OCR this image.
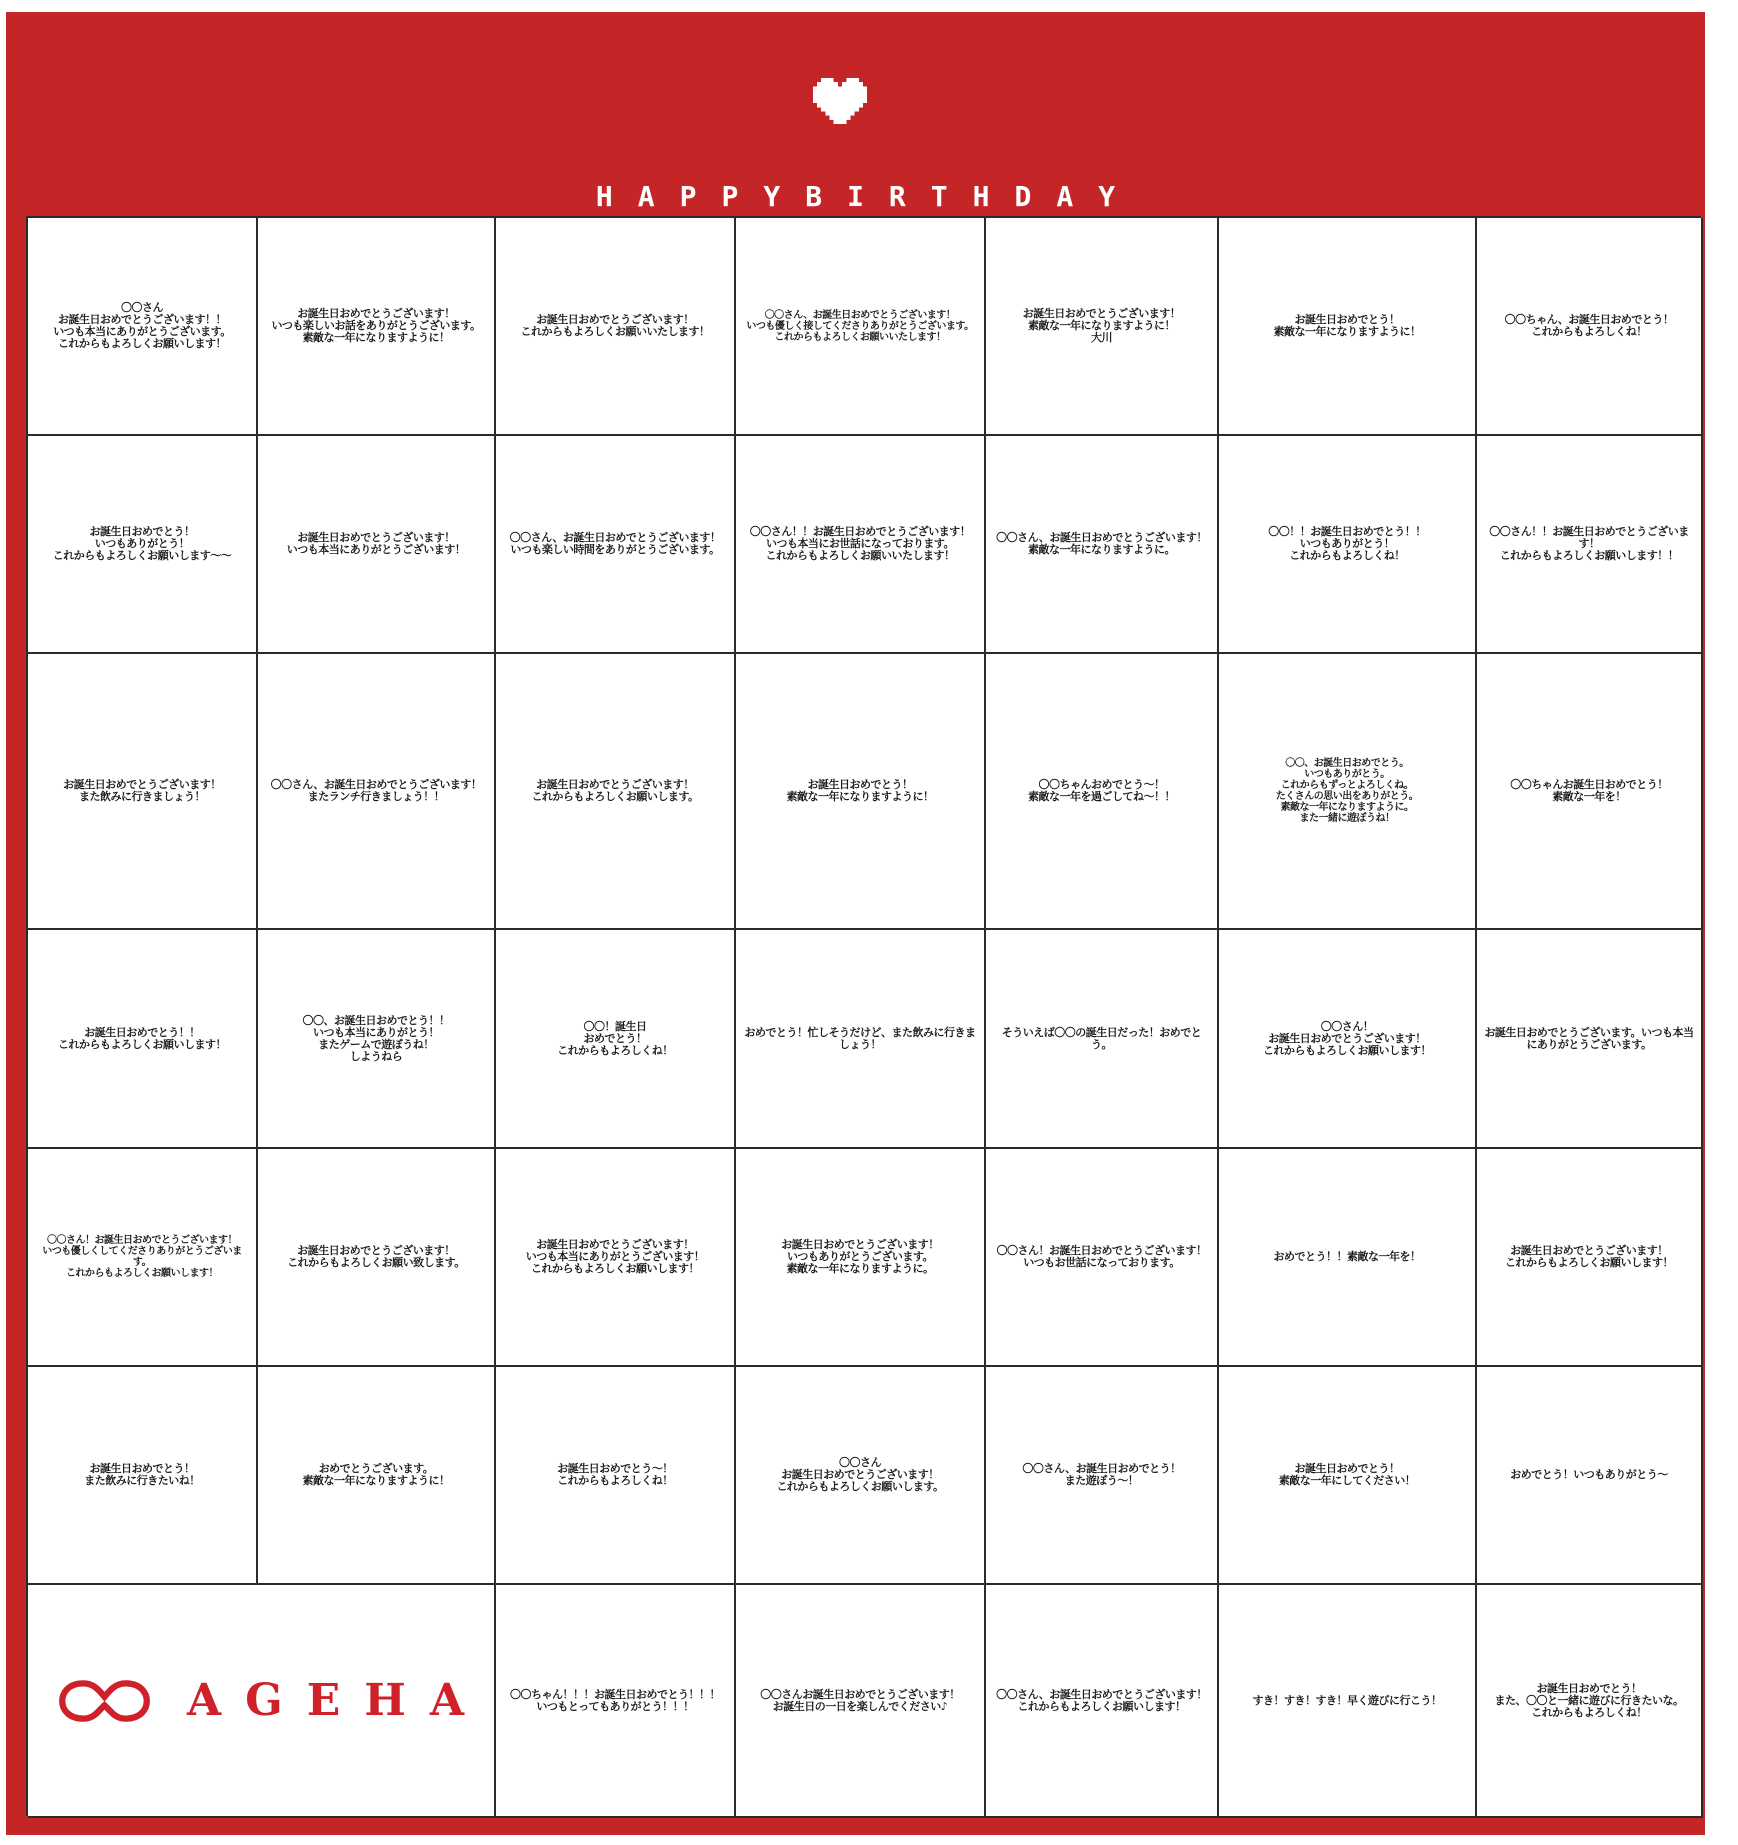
HAPPYBIRTHDAY
〇〇さん
お誕生日おめでとうございます！！
いつも本当にありがとうございます。
これからもよろしくお願いします！
お誕生日おめでとうございます！
いつも楽しいお話をありがとうございます。
素敵な一年になりますように！
お誕生日おめでとうございます！
これからもよろしくお願いいたします！
〇〇さん、お誕生日おめでとうございます！
いつも優しく接してくださりありがとうございます。
これからもよろしくお願いいたします！
お誕生日おめでとうございます！
素敵な一年になりますように！
大川
お誕生日おめでとう！
素敵な一年になりますように！
〇〇ちゃん、お誕生日おめでとう！
これからもよろしくね！
お誕生日おめでとう！
いつもありがとう！
これからもよろしくお願いします〜〜
お誕生日おめでとうございます！
いつも本当にありがとうございます！
〇〇さん、お誕生日おめでとうございます！
いつも楽しい時間をありがとうございます。
〇〇さん！！お誕生日おめでとうございます！
いつも本当にお世話になっております。
これからもよろしくお願いいたします！
〇〇さん、お誕生日おめでとうございます！
素敵な一年になりますように。
〇〇！！お誕生日おめでとう！！
いつもありがとう！
これからもよろしくね！
〇〇さん！！お誕生日おめでとうございます！
これからもよろしくお願いします！！
お誕生日おめでとうございます！
また飲みに行きましょう！
〇〇さん、お誕生日おめでとうございます！
またランチ行きましょう！！
お誕生日おめでとうございます！
これからもよろしくお願いします。
お誕生日おめでとう！
素敵な一年になりますように！
〇〇ちゃんおめでとう〜！
素敵な一年を過ごしてね〜！！
〇〇、お誕生日おめでとう。
いつもありがとう。
これからもずっとよろしくね。
たくさんの思い出をありがとう。
素敵な一年になりますように。
また一緒に遊ぼうね！
〇〇ちゃんお誕生日おめでとう！
素敵な一年を！
お誕生日おめでとう！！
これからもよろしくお願いします！
〇〇、お誕生日おめでとう！！
いつも本当にありがとう！
またゲームで遊ぼうね！
しようねら
〇〇！誕生日
おめでとう！
これからもよろしくね！
おめでとう！忙しそうだけど、また飲みに行きましょう！
そういえば〇〇の誕生日だった！おめでとう。
〇〇さん！
お誕生日おめでとうございます！
これからもよろしくお願いします！
お誕生日おめでとうございます。いつも本当にありがとうございます。
〇〇さん！お誕生日おめでとうございます！
いつも優しくしてくださりありがとうございます。
これからもよろしくお願いします！
お誕生日おめでとうございます！
これからもよろしくお願い致します。
お誕生日おめでとうございます！
いつも本当にありがとうございます！
これからもよろしくお願いします！
お誕生日おめでとうございます！
いつもありがとうございます。
素敵な一年になりますように。
〇〇さん！お誕生日おめでとうございます！
いつもお世話になっております。	おめでとう！！素敵な一年を！	お誕生日おめでとうございます！
これからもよろしくお願いします！
お誕生日おめでとう！
また飲みに行きたいね！
おめでとうございます。
素敵な一年になりますように！
お誕生日おめでとう〜！
これからもよろしくね！
〇〇さん
お誕生日おめでとうございます！
これからもよろしくお願いします。
〇〇さん、お誕生日おめでとう！
また遊ぼう〜！
お誕生日おめでとう！
素敵な一年にしてください！	おめでとう！いつもありがとう〜
AGEHA 〇〇ちゃん！！！お誕生日おめでとう！！！
いつもとってもありがとう！！！
〇〇さんお誕生日おめでとうございます！
お誕生日の一日を楽しんでください♪
〇〇さん、お誕生日おめでとうございます！
これからもよろしくお願いします！	すき！すき！すき！早く遊びに行こう！
お誕生日おめでとう！
また、〇〇と一緒に遊びに行きたいな。
これからもよろしくね！
